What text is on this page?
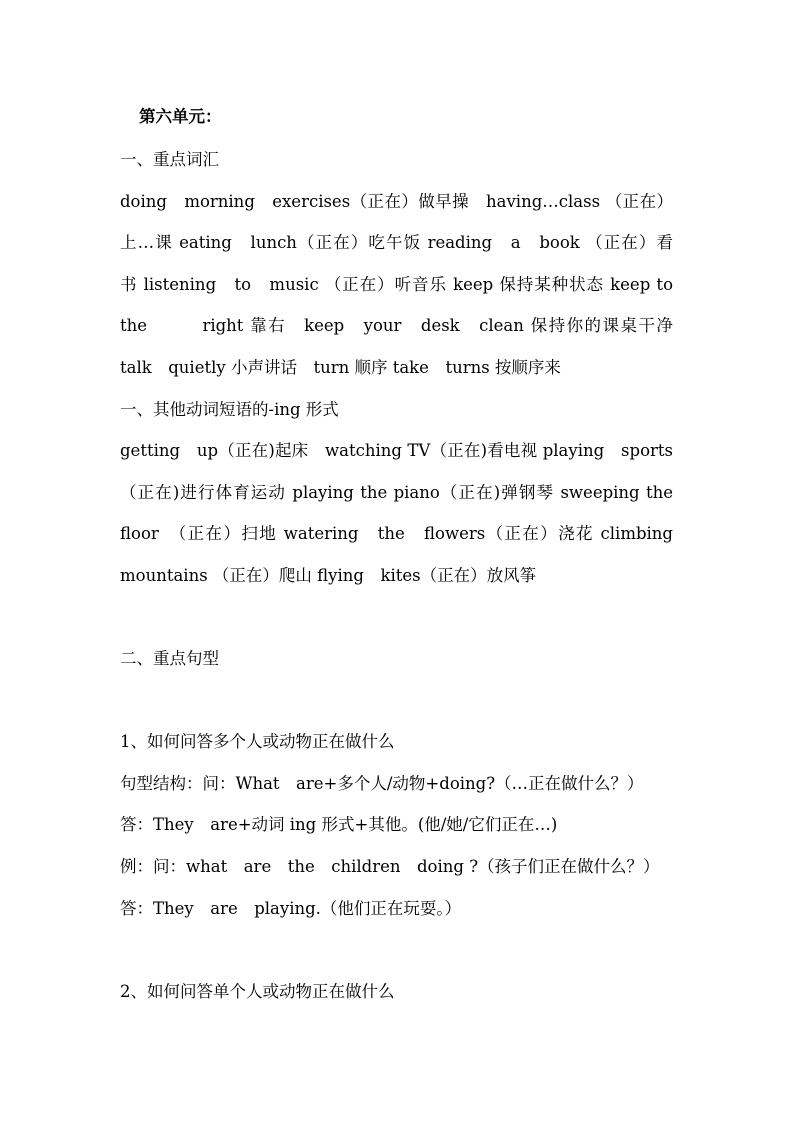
第六单元：
一、重点词汇
doing　morning　exercises（正在）做早操　having…class （正在）
上…课 eating　lunch（正在）吃午饭 reading　a　book （正在）看
书 listening　to　music （正在）听音乐 keep 保持某种状态 keep to
the　　　right 靠右　keep　your　desk　clean 保持你的课桌干净
talk　quietly 小声讲话　turn 顺序 take　turns 按顺序来
一、其他动词短语的-ing 形式
getting　up（正在)起床　watching TV（正在)看电视 playing　sports
（正在)进行体育运动 playing the piano（正在)弹钢琴 sweeping the
floor　（正在）扫地 watering　the　flowers（正在）浇花 climbing
mountains （正在）爬山 flying　kites（正在）放风筝
二、重点句型
1、如何问答多个人或动物正在做什么
句型结构：问：What　are+多个人/动物+doing?（…正在做什么？）
答：They　are+动词 ing 形式+其他。(他/她/它们正在…)
例：问：what　are　the　children　doing ?（孩子们正在做什么？）
答：They　are　playing.（他们正在玩耍。）
2、如何问答单个人或动物正在做什么
